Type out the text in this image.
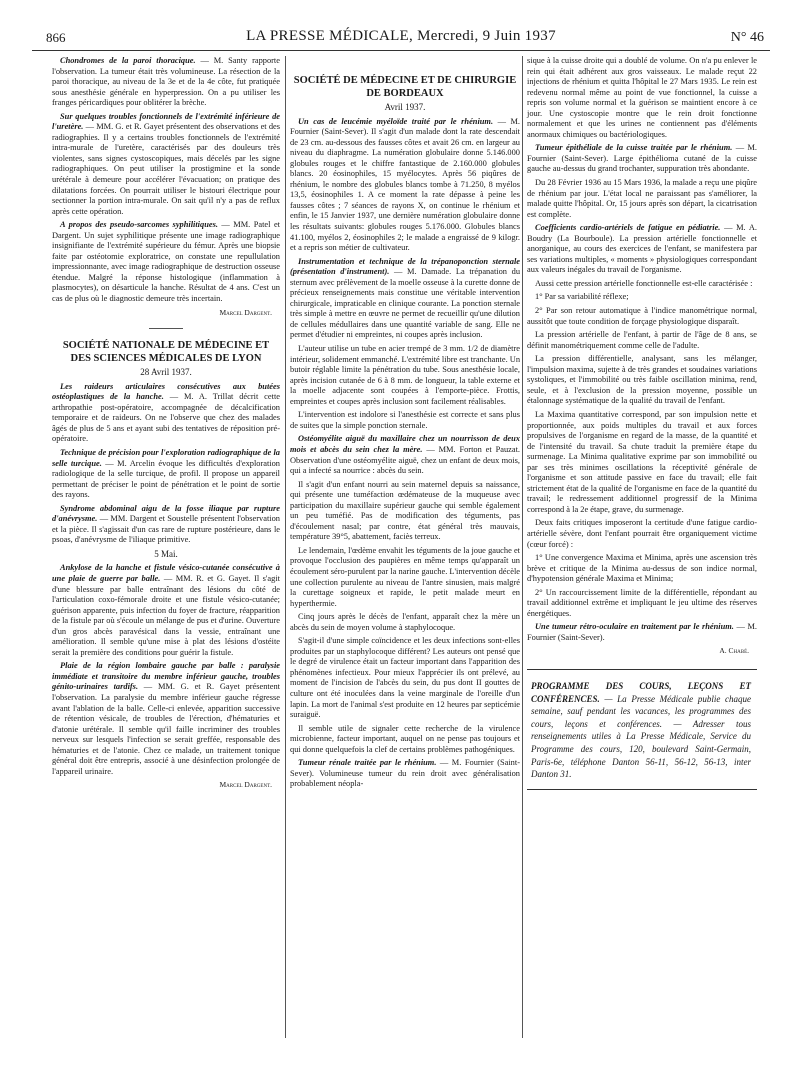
866	LA PRESSE MÉDICALE, Mercredi, 9 Juin 1937	N° 46

Chondromes de la paroi thoracique. — M. Santy rapporte l'observation. La tumeur était très volumineuse. La résection de la paroi thoracique, au niveau de la 3e et de la 4e côte, fut pratiquée sous anesthésie générale en hyperpression. On a pu utiliser les franges péricardiques pour oblitérer la brèche.

Sur quelques troubles fonctionnels de l'extrémité inférieure de l'uretère. — MM. G. et R. Gayet présentent des observations et des radiographies. Il y a certains troubles fonctionnels de l'extrémité intra-murale de l'uretère, caractérisés par des douleurs très violentes, sans signes cystoscopiques, mais décelés par les signe radiographiques. On peut utiliser la prostigmine et la sonde urétérale à demeure pour accélérer l'évacuation; on pratique des dilatations forcées. On pourrait utiliser le bistouri électrique pour sectionner la portion intra-murale. On sait qu'il n'y a pas de reflux après cette opération.

A propos des pseudo-sarcomes syphilitiques. — MM. Patel et Dargent. Un sujet syphilitique présente une image radiographique insignifiante de l'extrémité supérieure du fémur. Après une biopsie faite par ostéotomie exploratrice, on constate une repullulation impressionnante, avec image radiographique de destruction osseuse étendue. Malgré la réponse histologique (inflammation à plasmocytes), on désarticule la hanche. Résultat de 4 ans. C'est un cas de plus où le diagnostic demeure très incertain.

Marcel Dargent.
SOCIÉTÉ NATIONALE DE MÉDECINE ET DES SCIENCES MÉDICALES DE LYON
28 Avril 1937.

Les raideurs articulaires consécutives aux butées ostéoplastiques de la hanche. — M. A. Trillat décrit cette arthropathie post-opératoire, accompagnée de décalcification temporaire et de raideurs. On ne l'observe que chez des malades âgés de plus de 5 ans et ayant subi des tentatives de réposition pré-opératoire.

Technique de précision pour l'exploration radiographique de la selle turcique. — M. Arcelin évoque les difficultés d'exploration radiologique de la selle turcique, de profil. Il propose un appareil permettant de préciser le point de pénétration et le point de sortie des rayons.

Syndrome abdominal aigu de la fosse iliaque par rupture d'anévrysme. — MM. Dargent et Soustelle présentent l'observation et la pièce. Il s'agissait d'un cas rare de rupture postérieure, dans le psoas, d'anévrysme de l'iliaque primitive.

5 Mai.

Ankylose de la hanche et fistule vésico-cutanée consécutive à une plaie de guerre par balle. — MM. R. et G. Gayet. Il s'agit d'une blessure par balle entraînant des lésions du côté de l'articulation coxo-fémorale droite et une fistule vésico-cutanée; guérison apparente, puis infection du foyer de fracture, réapparition de la fistule par où s'écoule un mélange de pus et d'urine. Ouverture d'un gros abcès paravésical dans la vessie, entraînant une amélioration. Il semble qu'une mise à plat des lésions d'ostéite serait la première des conditions pour guérir la fistule.

Plaie de la région lombaire gauche par balle : paralysie immédiate et transitoire du membre inférieur gauche, troubles génito-urinaires tardifs. — MM. G. et R. Gayet présentent l'observation. La paralysie du membre inférieur gauche régresse avant l'ablation de la balle. Celle-ci enlevée, apparition successive de rétention vésicale, de troubles de l'érection, d'hématuries et d'atonie urétérale. Il semble qu'il faille incriminer des troubles nerveux sur lesquels l'infection se serait greffée, responsable des hématuries et de l'atonie. Chez ce malade, un traitement tonique général doit être entrepris, associé à une désinfection prolongée de l'appareil urinaire.

Marcel Dargent.
SOCIÉTÉ DE MÉDECINE ET DE CHIRURGIE DE BORDEAUX
Avril 1937.

Un cas de leucémie myéloïde traité par le rhénium. — M. Fournier (Saint-Sever). Il s'agit d'un malade dont la rate descendait de 23 cm. au-dessous des fausses côtes et avait 26 cm. en largeur au niveau du diaphragme. La numération globulaire donne 5.146.000 globules rouges et le chiffre fantastique de 2.160.000 globules blancs. 20 éosinophiles, 15 myélocytes. Après 56 piqûres de rhénium, le nombre des globules blancs tombe à 71.250, 8 myélos 13,5, éosinophiles 1. A ce moment la rate dépasse à peine les fausses côtes ; 7 séances de rayons X, on continue le rhénium et enfin, le 15 Janvier 1937, une dernière numération globulaire donne les résultats suivants: globules rouges 5.176.000. Globules blancs 41.100, myélos 2, éosinophiles 2; le malade a engraissé de 9 kilogr. et a repris son métier de cultivateur.

Instrumentation et technique de la trépanoponction sternale (présentation d'instrument). — M. Damade. La trépanation du sternum avec prélèvement de la moelle osseuse à la curette donne de précieux renseignements mais constitue une véritable intervention chirurgicale, impraticable en clinique courante. La ponction sternale très simple à mettre en œuvre ne permet de recueillir qu'une dilution de cellules médullaires dans une quantité variable de sang. Elle ne permet d'étudier ni empreintes, ni coupes après inclusion.

L'auteur utilise un tube en acier trempé de 3 mm. 1/2 de diamètre intérieur, solidement emmanché. L'extrémité libre est tranchante. Un butoir réglable limite la pénétration du tube. Sous anesthésie locale, après incision cutanée de 6 à 8 mm. de longueur, la table externe et la moelle adjacente sont coupées à l'emporte-pièce. Frottis, empreintes et coupes après inclusion sont facilement réalisables.

L'intervention est indolore si l'anesthésie est correcte et sans plus de suites que la simple ponction sternale.

Ostéomyélite aiguë du maxillaire chez un nourrisson de deux mois et abcès du sein chez la mère. — MM. Forton et Pauzat. Observation d'une ostéomyélite aiguë, chez un enfant de deux mois, qui a infecté sa nourrice : abcès du sein.

Il s'agit d'un enfant nourri au sein maternel depuis sa naissance, qui présente une tuméfaction œdémateuse de la muqueuse avec participation du maxillaire supérieur gauche qui semble également un peu tuméfié. Pas de modification des téguments, pas d'écoulement nasal; par contre, état général très mauvais, température 39°5, abattement, faciès terreux.

Le lendemain, l'œdème envahit les téguments de la joue gauche et provoque l'occlusion des paupières en même temps qu'apparaît un écoulement séro-purulent par la narine gauche. L'intervention décèle une collection purulente au niveau de l'antre sinusien, mais malgré la curettage soigneux et rapide, le petit malade meurt en hyperthermie.

Cinq jours après le décès de l'enfant, apparaît chez la mère un abcès du sein de moyen volume à staphylocoque.

S'agit-il d'une simple coïncidence et les deux infections sont-elles produites par un staphylocoque différent? Les auteurs ont pensé que le degré de virulence était un facteur important dans l'apparition des phénomènes infectieux. Pour mieux l'apprécier ils ont prélevé, au moment de l'incision de l'abcès du sein, du pus dont II gouttes de culture ont été inoculées dans la veine marginale de l'oreille d'un lapin. La mort de l'animal s'est produite en 12 heures par septicémie suraiguë.

Il semble utile de signaler cette recherche de la virulence microbienne, facteur important, auquel on ne pense pas toujours et qui donne quelquefois la clef de certains problèmes pathogéniques.

Tumeur rénale traitée par le rhénium. — M. Fournier (Saint-Sever). Volumineuse tumeur du rein droit avec généralisation probablement néopla-

sique à la cuisse droite qui a doublé de volume. On n'a pu enlever le rein qui était adhérent aux gros vaisseaux. Le malade reçut 22 injections de rhénium et quitta l'hôpital le 27 Mars 1935. Le rein est redevenu normal même au point de vue fonctionnel, la cuisse a repris son volume normal et la guérison se maintient encore à ce jour. Une cystoscopie montre que le rein droit fonctionne normalement et que les urines ne contiennent pas d'éléments anormaux chimiques ou bactériologiques.

Tumeur épithéliale de la cuisse traitée par le rhénium. — M. Fournier (Saint-Sever). Large épithélioma cutané de la cuisse gauche au-dessus du grand trochanter, suppuration très abondante.

Du 28 Février 1936 au 15 Mars 1936, la malade a reçu une piqûre de rhénium par jour. L'état local ne paraissant pas s'améliorer, la malade quitte l'hôpital. Or, 15 jours après son départ, la cicatrisation est complète.

Coefficients cardio-artériels de fatigue en pédiatrie. — M. A. Boudry (La Bourboule). La pression artérielle fonctionnelle et anorganique, au cours des exercices de l'enfant, se manifestera par ses variations multiples, « moments » physiologiques correspondant aux valeurs inégales du travail de l'organisme.

Aussi cette pression artérielle fonctionnelle est-elle caractérisée :

1° Par sa variabilité réflexe;

2° Par son retour automatique à l'indice manométrique normal, aussitôt que toute condition de forçage physiologique disparaît.

La pression artérielle de l'enfant, à partir de l'âge de 8 ans, se définit manométriquement comme celle de l'adulte.

La pression différentielle, analysant, sans les mélanger, l'impulsion maxima, sujette à de très grandes et soudaines variations systoliques, et l'immobilité ou très faible oscillation minima, rend, seule, et à l'exclusion de la pression moyenne, possible un étalonnage systématique de la qualité du travail de l'enfant.

La Maxima quantitative correspond, par son impulsion nette et proportionnée, aux poids multiples du travail et aux forces propulsives de l'organisme en regard de la masse, de la quantité et de l'intensité du travail. Sa chute traduit la première étape du surmenage. La Minima qualitative exprime par son immobilité ou par ses très minimes oscillations la réceptivité générale de l'organisme et son attitude passive en face du travail; elle fait strictement état de la qualité de l'organisme en face de la quantité du travail; le redressement additionnel progressif de la Minima correspond à la 2e étape, grave, du surmenage.

Deux faits critiques imposeront la certitude d'une fatigue cardio-artérielle sévère, dont l'enfant pourrait être organiquement victime (cœur forcé) :

1° Une convergence Maxima et Minima, après une ascension très brève et critique de la Minima au-dessus de son indice normal, d'hypotension générale Maxima et Minima;

2° Un raccourcissement limite de la différentielle, répondant au travail additionnel extrême et impliquant le jeu ultime des réserves énergétiques.

Une tumeur rétro-oculaire en traitement par le rhénium. — M. Fournier (Saint-Sever).

A. Chabé.
PROGRAMME DES COURS, LEÇONS ET CONFÉRENCES. — La Presse Médicale publie chaque semaine, sauf pendant les vacances, les programmes des cours, leçons et conférences. — Adresser tous renseignements utiles à La Presse Médicale, Service du Programme des cours, 120, boulevard Saint-Germain, Paris-6e, téléphone Danton 56-11, 56-12, 56-13, inter Danton 31.
